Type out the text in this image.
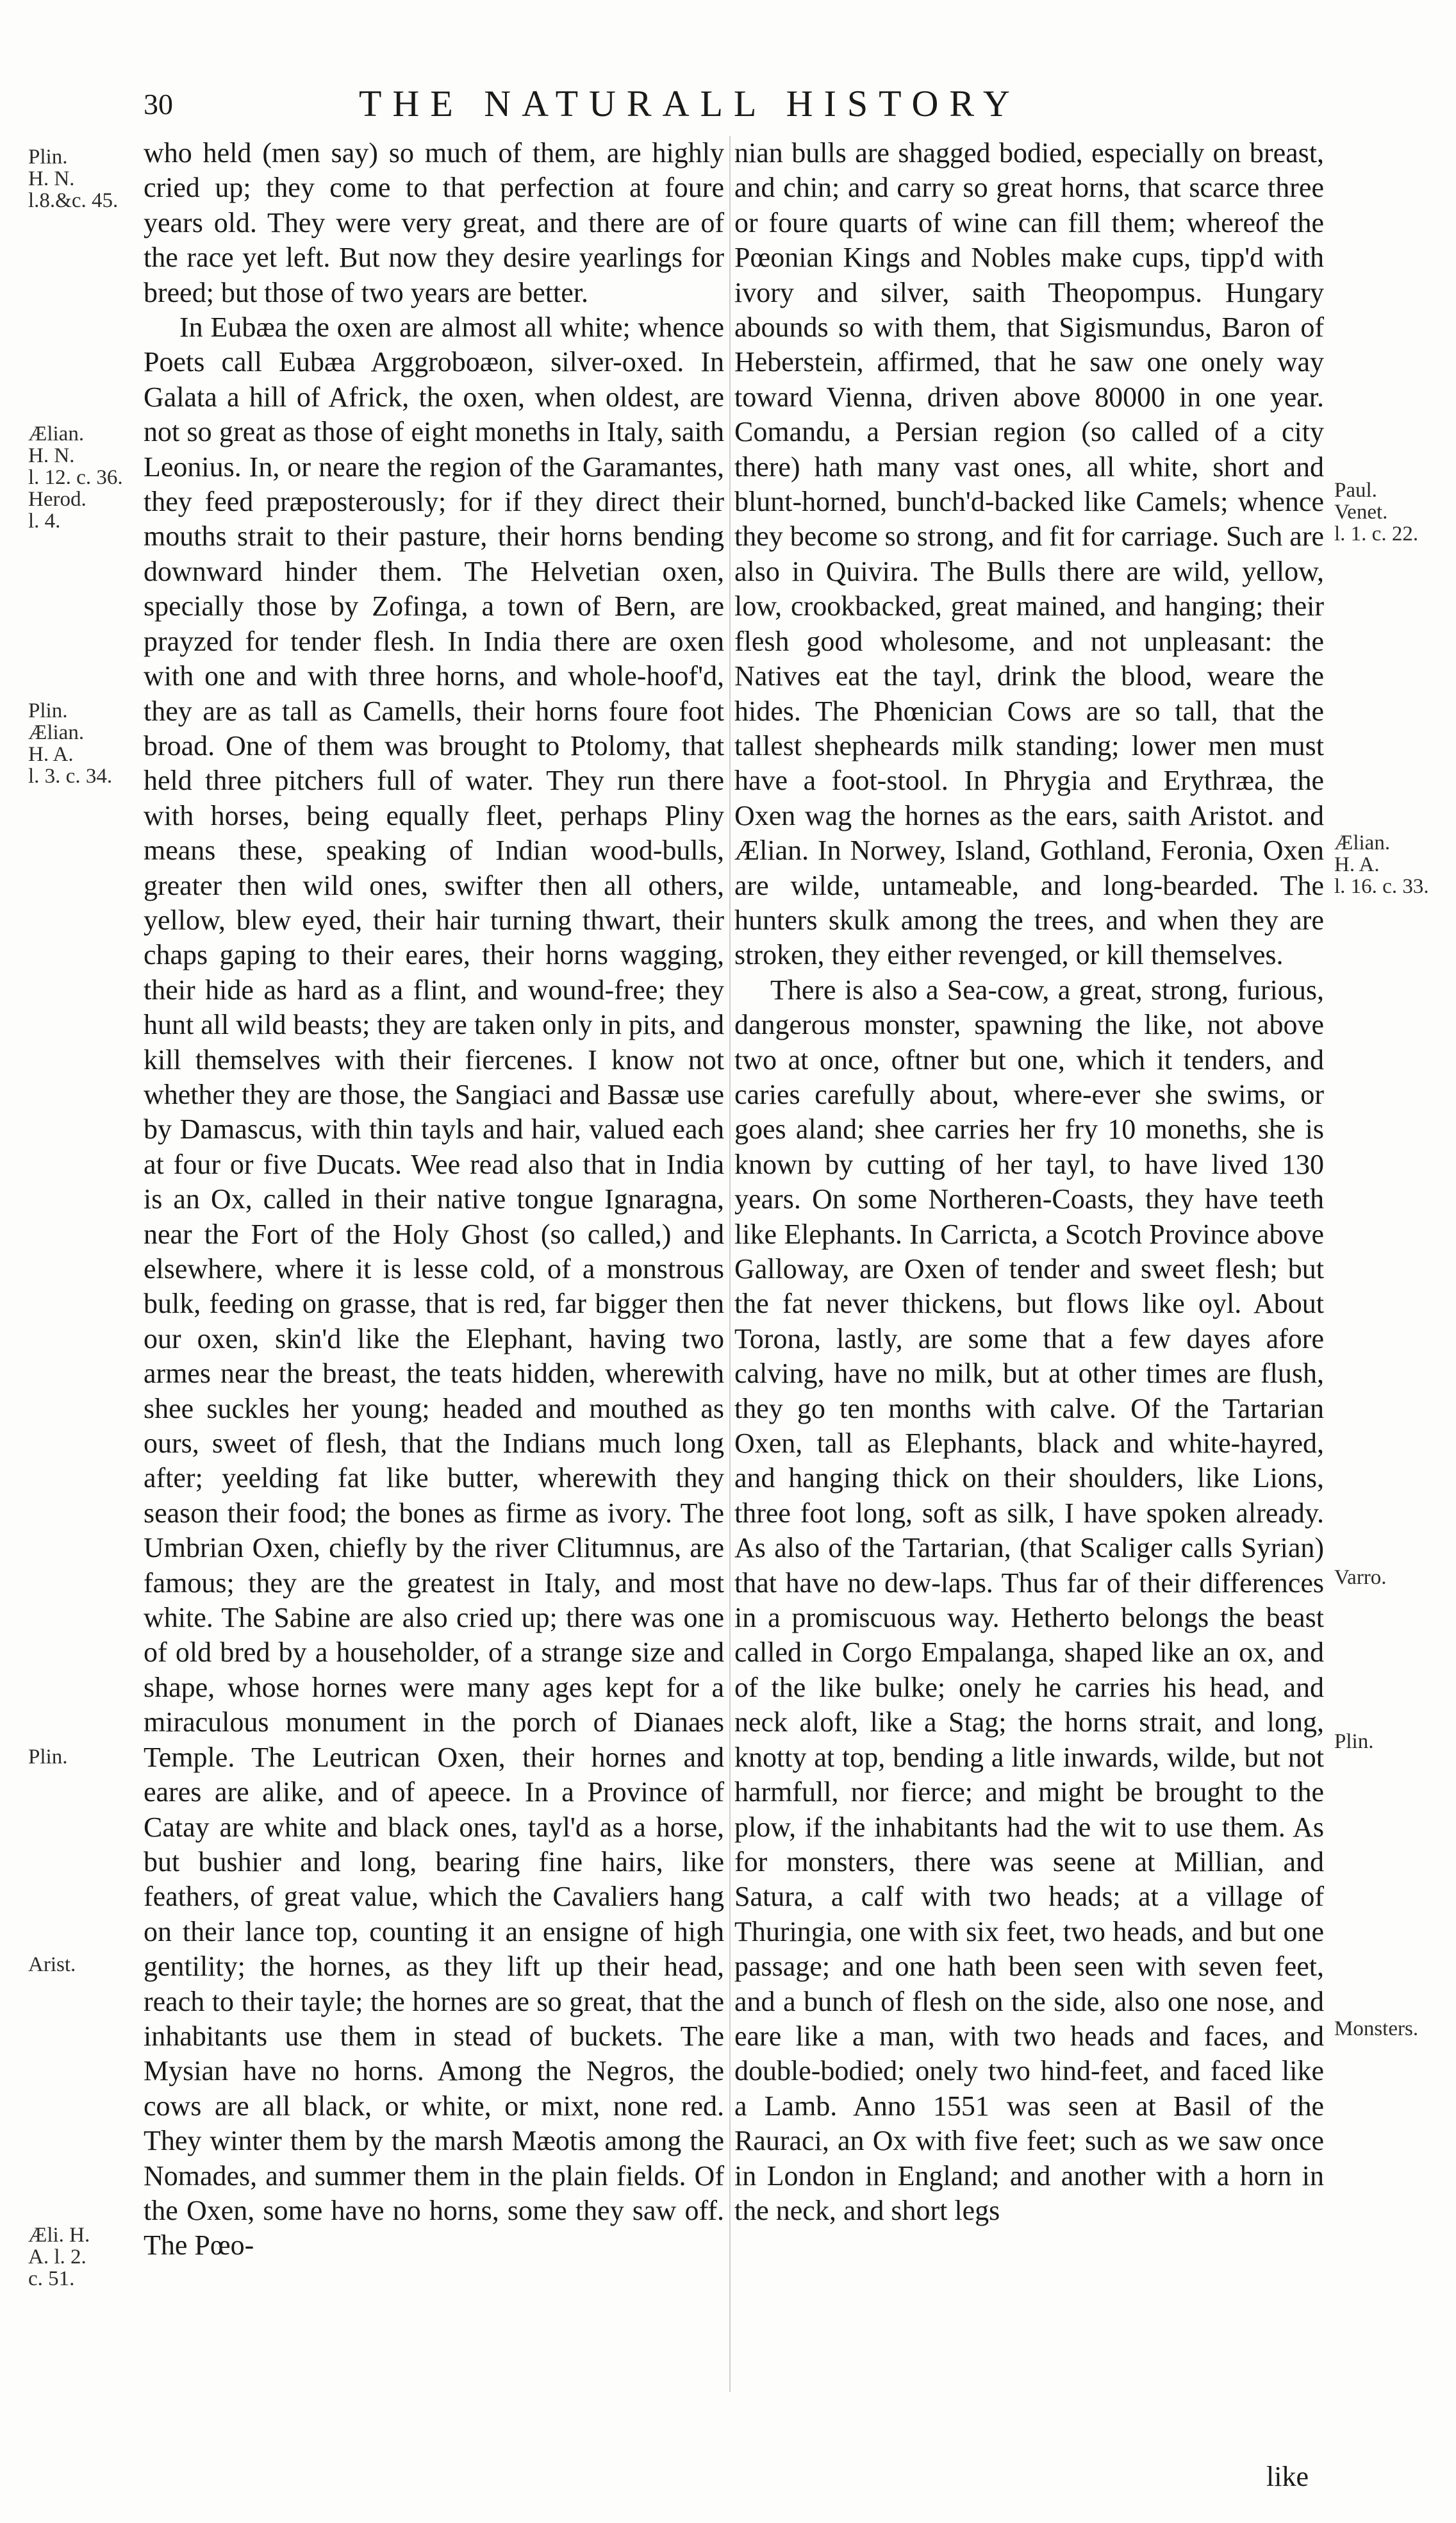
30	THE NATURALL HISTORY
Plin.
H. N.
l.8.&c. 45.
Ælian.
H. N.
l. 12. c. 36.
Herod.
l. 4.
Plin.
Ælian.
H. A.
l. 3. c. 34.
Plin.
Arist.
Æli. H.
A. l. 2.
c. 51.

who held (men say) so much of them, are highly cried up; they come to that perfection at foure years old. They were very great, and there are of the race yet left. But now they desire yearlings for breed; but those of two years are better.

In Eubæa the oxen are almost all white; whence Poets call Eubæa Arggroboæon, silver-oxed. In Galata a hill of Africk, the oxen, when oldest, are not so great as those of eight moneths in Italy, saith Leonius. In, or neare the region of the Garamantes, they feed præposterously; for if they direct their mouths strait to their pasture, their horns bending downward hinder them. The Helvetian oxen, specially those by Zofinga, a town of Bern, are prayzed for tender flesh. In India there are oxen with one and with three horns, and whole-hoof'd, they are as tall as Camells, their horns foure foot broad. One of them was brought to Ptolomy, that held three pitchers full of water. They run there with horses, being equally fleet, perhaps Pliny means these, speaking of Indian wood-bulls, greater then wild ones, swifter then all others, yellow, blew eyed, their hair turning thwart, their chaps gaping to their eares, their horns wagging, their hide as hard as a flint, and wound-free; they hunt all wild beasts; they are taken only in pits, and kill themselves with their fiercenes. I know not whether they are those, the Sangiaci and Bassæ use by Damascus, with thin tayls and hair, valued each at four or five Ducats. Wee read also that in India is an Ox, called in their native tongue Ignaragna, near the Fort of the Holy Ghost (so called,) and elsewhere, where it is lesse cold, of a monstrous bulk, feeding on grasse, that is red, far bigger then our oxen, skin'd like the Elephant, having two armes near the breast, the teats hidden, wherewith shee suckles her young; headed and mouthed as ours, sweet of flesh, that the Indians much long after; yeelding fat like butter, wherewith they season their food; the bones as firme as ivory. The Umbrian Oxen, chiefly by the river Clitumnus, are famous; they are the greatest in Italy, and most white. The Sabine are also cried up; there was one of old bred by a householder, of a strange size and shape, whose hornes were many ages kept for a miraculous monument in the porch of Dianaes Temple. The Leutrican Oxen, their hornes and eares are alike, and of apeece. In a Province of Catay are white and black ones, tayl'd as a horse, but bushier and long, bearing fine hairs, like feathers, of great value, which the Cavaliers hang on their lance top, counting it an ensigne of high gentility; the hornes, as they lift up their head, reach to their tayle; the hornes are so great, that the inhabitants use them in stead of buckets. The Mysian have no horns. Among the Negros, the cows are all black, or white, or mixt, none red. They winter them by the marsh Mæotis among the Nomades, and summer them in the plain fields. Of the Oxen, some have no horns, some they saw off. The Pœo-

nian bulls are shagged bodied, especially on breast, and chin; and carry so great horns, that scarce three or foure quarts of wine can fill them; whereof the Pœonian Kings and Nobles make cups, tipp'd with ivory and silver, saith Theopompus. Hungary abounds so with them, that Sigismundus, Baron of Heberstein, affirmed, that he saw one onely way toward Vienna, driven above 80000 in one year. Comandu, a Persian region (so called of a city there) hath many vast ones, all white, short and blunt-horned, bunch'd-backed like Camels; whence they become so strong, and fit for carriage. Such are also in Quivira. The Bulls there are wild, yellow, low, crookbacked, great mained, and hanging; their flesh good wholesome, and not unpleasant: the Natives eat the tayl, drink the blood, weare the hides. The Phœnician Cows are so tall, that the tallest shepheards milk standing; lower men must have a foot-stool. In Phrygia and Erythræa, the Oxen wag the hornes as the ears, saith Aristot. and Ælian. In Norwey, Island, Gothland, Feronia, Oxen are wilde, untameable, and long-bearded. The hunters skulk among the trees, and when they are stroken, they either revenged, or kill themselves.

There is also a Sea-cow, a great, strong, furious, dangerous monster, spawning the like, not above two at once, oftner but one, which it tenders, and caries carefully about, where-ever she swims, or goes aland; shee carries her fry 10 moneths, she is known by cutting of her tayl, to have lived 130 years. On some Northeren-Coasts, they have teeth like Elephants. In Carricta, a Scotch Province above Galloway, are Oxen of tender and sweet flesh; but the fat never thickens, but flows like oyl. About Torona, lastly, are some that a few dayes afore calving, have no milk, but at other times are flush, they go ten months with calve. Of the Tartarian Oxen, tall as Elephants, black and white-hayred, and hanging thick on their shoulders, like Lions, three foot long, soft as silk, I have spoken already. As also of the Tartarian, (that Scaliger calls Syrian) that have no dew-laps. Thus far of their differences in a promiscuous way. Hetherto belongs the beast called in Corgo Empalanga, shaped like an ox, and of the like bulke; onely he carries his head, and neck aloft, like a Stag; the horns strait, and long, knotty at top, bending a litle inwards, wilde, but not harmfull, nor fierce; and might be brought to the plow, if the inhabitants had the wit to use them. As for monsters, there was seene at Millian, and Satura, a calf with two heads; at a village of Thuringia, one with six feet, two heads, and but one passage; and one hath been seen with seven feet, and a bunch of flesh on the side, also one nose, and eare like a man, with two heads and faces, and double-bodied; onely two hind-feet, and faced like a Lamb. Anno 1551 was seen at Basil of the Rauraci, an Ox with five feet; such as we saw once in London in England; and another with a horn in the neck, and short legs

Paul.
Venet.
l. 1. c. 22.
Ælian.
H. A.
l. 16. c. 33.
Varro.
Plin.
Monsters.
like
